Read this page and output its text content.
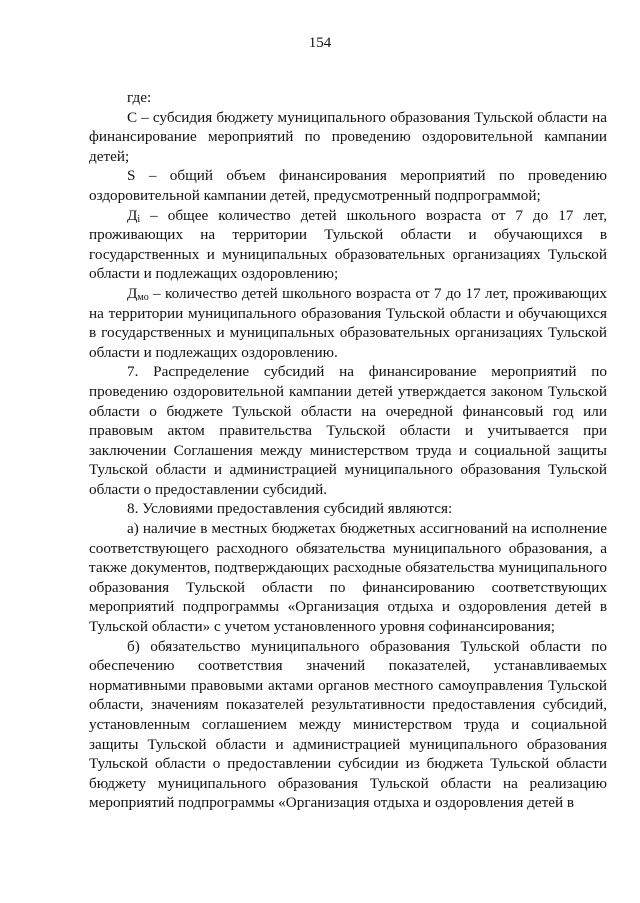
154

где:

С – субсидия бюджету муниципального образования Тульской области на финансирование мероприятий по проведению оздоровительной кампании детей;

S – общий объем финансирования мероприятий по проведению оздоровительной кампании детей, предусмотренный подпрограммой;

$Д_i$ – общее количество детей школьного возраста от 7 до 17 лет, проживающих на территории Тульской области и обучающихся в государственных и муниципальных образовательных организациях Тульской области и подлежащих оздоровлению;

$Д_{мо}$ – количество детей школьного возраста от 7 до 17 лет, проживающих на территории муниципального образования Тульской области и обучающихся в государственных и муниципальных образовательных организациях Тульской области и подлежащих оздоровлению.

7. Распределение субсидий на финансирование мероприятий по проведению оздоровительной кампании детей утверждается законом Тульской области о бюджете Тульской области на очередной финансовый год или правовым актом правительства Тульской области и учитывается при заключении Соглашения между министерством труда и социальной защиты Тульской области и администрацией муниципального образования Тульской области о предоставлении субсидий.

8. Условиями предоставления субсидий являются:

а) наличие в местных бюджетах бюджетных ассигнований на исполнение соответствующего расходного обязательства муниципального образования, а также документов, подтверждающих расходные обязательства муниципального образования Тульской области по финансированию соответствующих мероприятий подпрограммы «Организация отдыха и оздоровления детей в Тульской области» с учетом установленного уровня софинансирования;

б) обязательство муниципального образования Тульской области по обеспечению соответствия значений показателей, устанавливаемых нормативными правовыми актами органов местного самоуправления Тульской области, значениям показателей результативности предоставления субсидий, установленным соглашением между министерством труда и социальной защиты Тульской области и администрацией муниципального образования Тульской области о предоставлении субсидии из бюджета Тульской области бюджету муниципального образования Тульской области на реализацию мероприятий подпрограммы «Организация отдыха и оздоровления детей в
